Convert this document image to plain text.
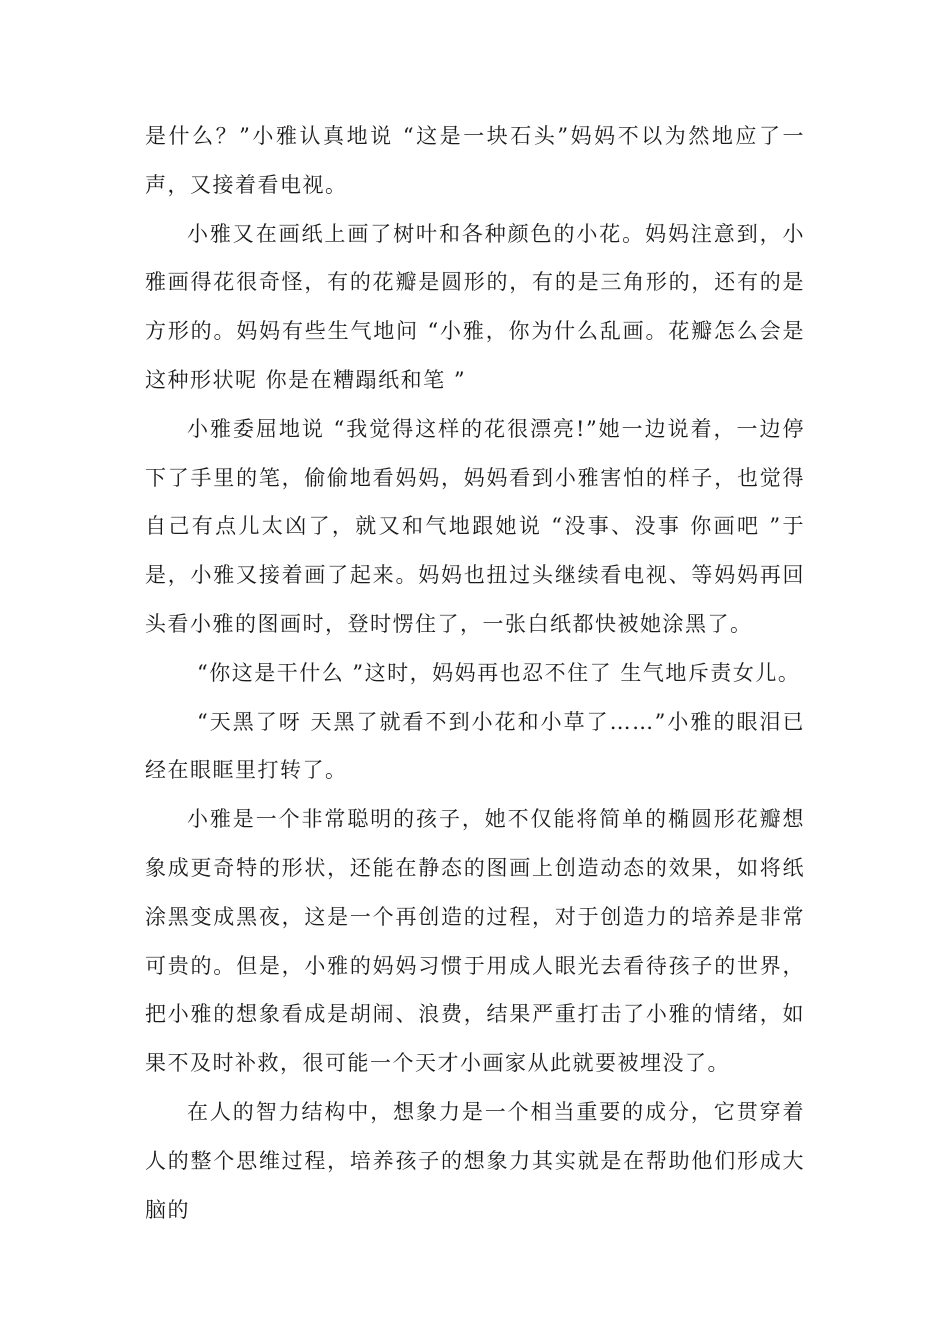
是什么？”小雅认真地说 “这是一块石头”妈妈不以为然地应了一声，又接着看电视。

小雅又在画纸上画了树叶和各种颜色的小花。妈妈注意到，小雅画得花很奇怪，有的花瓣是圆形的，有的是三角形的，还有的是方形的。妈妈有些生气地问 “小雅，你为什么乱画。花瓣怎么会是这种形状呢 你是在糟蹋纸和笔 ”

小雅委屈地说 “我觉得这样的花很漂亮!”她一边说着，一边停下了手里的笔，偷偷地看妈妈，妈妈看到小雅害怕的样子，也觉得自己有点儿太凶了，就又和气地跟她说 “没事、没事 你画吧 ”于是，小雅又接着画了起来。妈妈也扭过头继续看电视、等妈妈再回头看小雅的图画时，登时愣住了，一张白纸都快被她涂黑了。

“你这是干什么 ”这时，妈妈再也忍不住了 生气地斥责女儿。

“天黑了呀 天黑了就看不到小花和小草了……”小雅的眼泪已经在眼眶里打转了。

小雅是一个非常聪明的孩子，她不仅能将简单的椭圆形花瓣想象成更奇特的形状，还能在静态的图画上创造动态的效果，如将纸涂黑变成黑夜，这是一个再创造的过程，对于创造力的培养是非常可贵的。但是，小雅的妈妈习惯于用成人眼光去看待孩子的世界，把小雅的想象看成是胡闹、浪费，结果严重打击了小雅的情绪，如果不及时补救，很可能一个天才小画家从此就要被埋没了。

在人的智力结构中，想象力是一个相当重要的成分，它贯穿着人的整个思维过程，培养孩子的想象力其实就是在帮助他们形成大脑的
